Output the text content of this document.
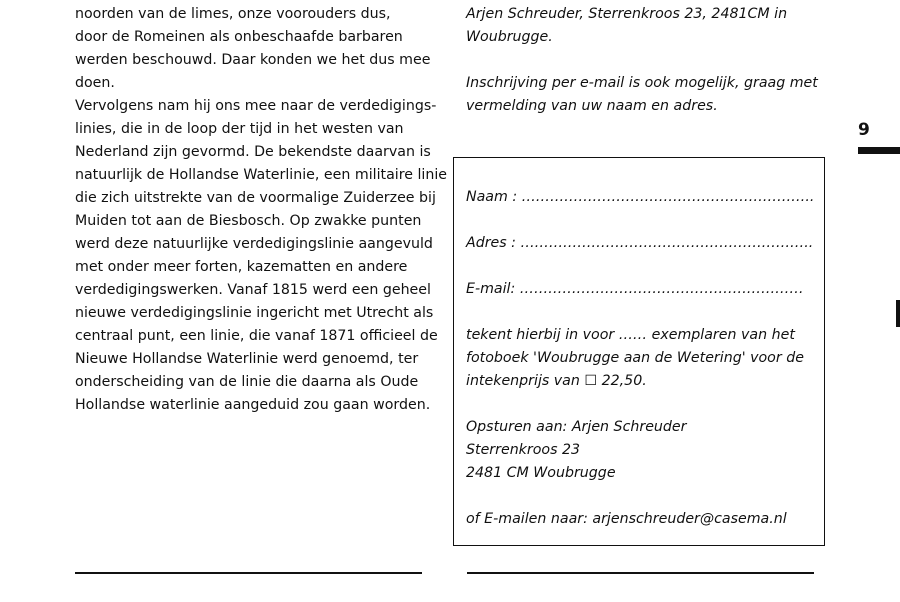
noorden van de limes, onze voorouders dus,
door de Romeinen als onbeschaafde barbaren
werden beschouwd. Daar konden we het dus mee
doen.
Vervolgens nam hij ons mee naar de verdedigings-
linies, die in de loop der tijd in het westen van
Nederland zijn gevormd. De bekendste daarvan is
natuurlijk de Hollandse Waterlinie, een militaire linie
die zich uitstrekte van de voormalige Zuiderzee bij
Muiden tot aan de Biesbosch. Op zwakke punten
werd deze natuurlijke verdedigingslinie aangevuld
met onder meer forten, kazematten en andere
verdedigingswerken. Vanaf 1815 werd een geheel
nieuwe verdedigingslinie ingericht met Utrecht als
centraal punt, een linie, die vanaf 1871 officieel de
Nieuwe Hollandse Waterlinie werd genoemd, ter
onderscheiding van de linie die daarna als Oude
Hollandse waterlinie aangeduid zou gaan worden.
Arjen Schreuder, Sterrenkroos 23, 2481CM in
Woubrugge.
Inschrijving per e-mail is ook mogelijk, graag met
vermelding van uw naam en adres.
9
Naam : ……………………………………………………..
Adres : ……………………………………………………..
E-mail: ……………………………………………………
tekent hierbij in voor …… exemplaren van het
fotoboek 'Woubrugge aan de Wetering' voor de
intekenprijs van ☐ 22,50.
Opsturen aan: Arjen Schreuder
Sterrenkroos 23
2481 CM Woubrugge
of E-mailen naar: arjenschreuder@casema.nl
